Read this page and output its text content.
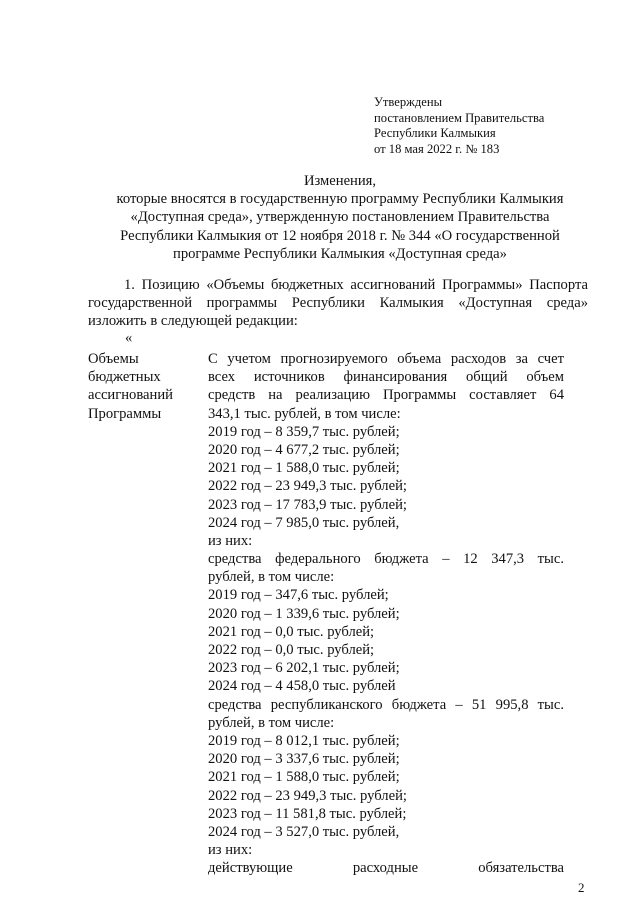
Утверждены
постановлением Правительства
Республики Калмыкия
от 18 мая 2022 г. № 183
Изменения,
которые вносятся в государственную программу Республики Калмыкия
«Доступная среда», утвержденную постановлением Правительства
Республики Калмыкия от 12 ноября 2018 г. № 344 «О государственной
программе Республики Калмыкия «Доступная среда»
1. Позицию «Объемы бюджетных ассигнований Программы» Паспорта
государственной программы Республики Калмыкия «Доступная среда»
изложить в следующей редакции:
«
Объемы
бюджетных
ассигнований
Программы
С учетом прогнозируемого объема расходов за счет
всех источников финансирования общий объем
средств на реализацию Программы составляет 64
343,1 тыс. рублей, в том числе:
2019 год – 8 359,7 тыс. рублей;
2020 год – 4 677,2 тыс. рублей;
2021 год – 1 588,0 тыс. рублей;
2022 год – 23 949,3 тыс. рублей;
2023 год – 17 783,9 тыс. рублей;
2024 год – 7 985,0 тыс. рублей,
из них:
средства федерального бюджета – 12 347,3 тыс.
рублей, в том числе:
2019 год – 347,6 тыс. рублей;
2020 год – 1 339,6 тыс. рублей;
2021 год – 0,0 тыс. рублей;
2022 год – 0,0 тыс. рублей;
2023 год – 6 202,1 тыс. рублей;
2024 год – 4 458,0 тыс. рублей
средства республиканского бюджета – 51 995,8 тыс.
рублей, в том числе:
2019 год – 8 012,1 тыс. рублей;
2020 год – 3 337,6 тыс. рублей;
2021 год – 1 588,0 тыс. рублей;
2022 год – 23 949,3 тыс. рублей;
2023 год – 11 581,8 тыс. рублей;
2024 год – 3 527,0 тыс. рублей,
из них:
действующие расходные обязательства
2
